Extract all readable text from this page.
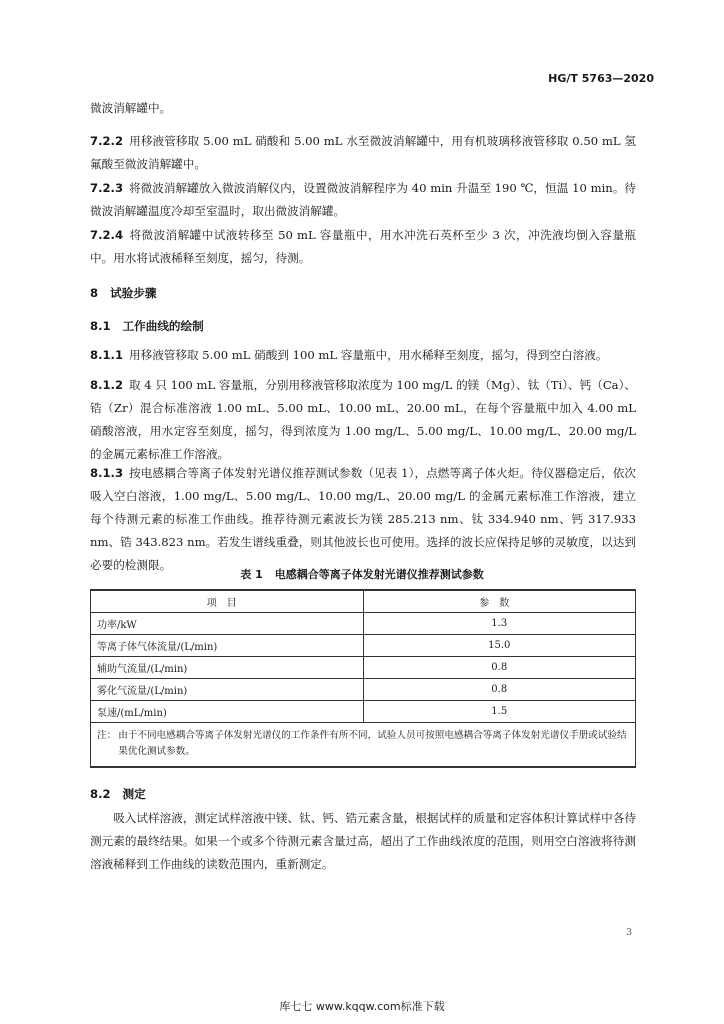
HG/T 5763—2020
微波消解罐中。
7.2.2 用移液管移取 5.00 mL 硝酸和 5.00 mL 水至微波消解罐中，用有机玻璃移液管移取 0.50 mL 氢氟酸至微波消解罐中。
7.2.3 将微波消解罐放入微波消解仪内，设置微波消解程序为 40 min 升温至 190 ℃，恒温 10 min。待微波消解罐温度冷却至室温时，取出微波消解罐。
7.2.4 将微波消解罐中试液转移至 50 mL 容量瓶中，用水冲洗石英杯至少 3 次，冲洗液均倒入容量瓶中。用水将试液稀释至刻度，摇匀，待测。
8 试验步骤
8.1 工作曲线的绘制
8.1.1 用移液管移取 5.00 mL 硝酸到 100 mL 容量瓶中，用水稀释至刻度，摇匀，得到空白溶液。
8.1.2 取 4 只 100 mL 容量瓶，分别用移液管移取浓度为 100 mg/L 的镁（Mg）、钛（Ti）、钙（Ca）、锆（Zr）混合标准溶液 1.00 mL、5.00 mL、10.00 mL、20.00 mL，在每个容量瓶中加入 4.00 mL 硝酸溶液，用水定容至刻度，摇匀，得到浓度为 1.00 mg/L、5.00 mg/L、10.00 mg/L、20.00 mg/L 的金属元素标准工作溶液。
8.1.3 按电感耦合等离子体发射光谱仪推荐测试参数（见表 1），点燃等离子体火炬。待仪器稳定后，依次吸入空白溶液，1.00 mg/L、5.00 mg/L、10.00 mg/L、20.00 mg/L 的金属元素标准工作溶液，建立每个待测元素的标准工作曲线。推荐待测元素波长为镁 285.213 nm、钛 334.940 nm、钙 317.933 nm、锆 343.823 nm。若发生谱线重叠，则其他波长也可使用。选择的波长应保持足够的灵敏度，以达到必要的检测限。
表 1 电感耦合等离子体发射光谱仪推荐测试参数
项目	参数
功率/kW	1.3
等离子体气体流量/(L/min)	15.0
辅助气流量/(L/min)	0.8
雾化气流量/(L/min)	0.8
泵速/(mL/min)	1.5

注： 由于不同电感耦合等离子体发射光谱仪的工作条件有所不同，试验人员可按照电感耦合等离子体发射光谱仪手册或试验结果优化测试参数。	
8.2 测定
吸入试样溶液，测定试样溶液中镁、钛、钙、锆元素含量，根据试样的质量和定容体积计算试样中各待测元素的最终结果。如果一个或多个待测元素含量过高，超出了工作曲线浓度的范围，则用空白溶液将待测溶液稀释到工作曲线的读数范围内，重新测定。
3
库七七 www.kqqw.com标准下载
